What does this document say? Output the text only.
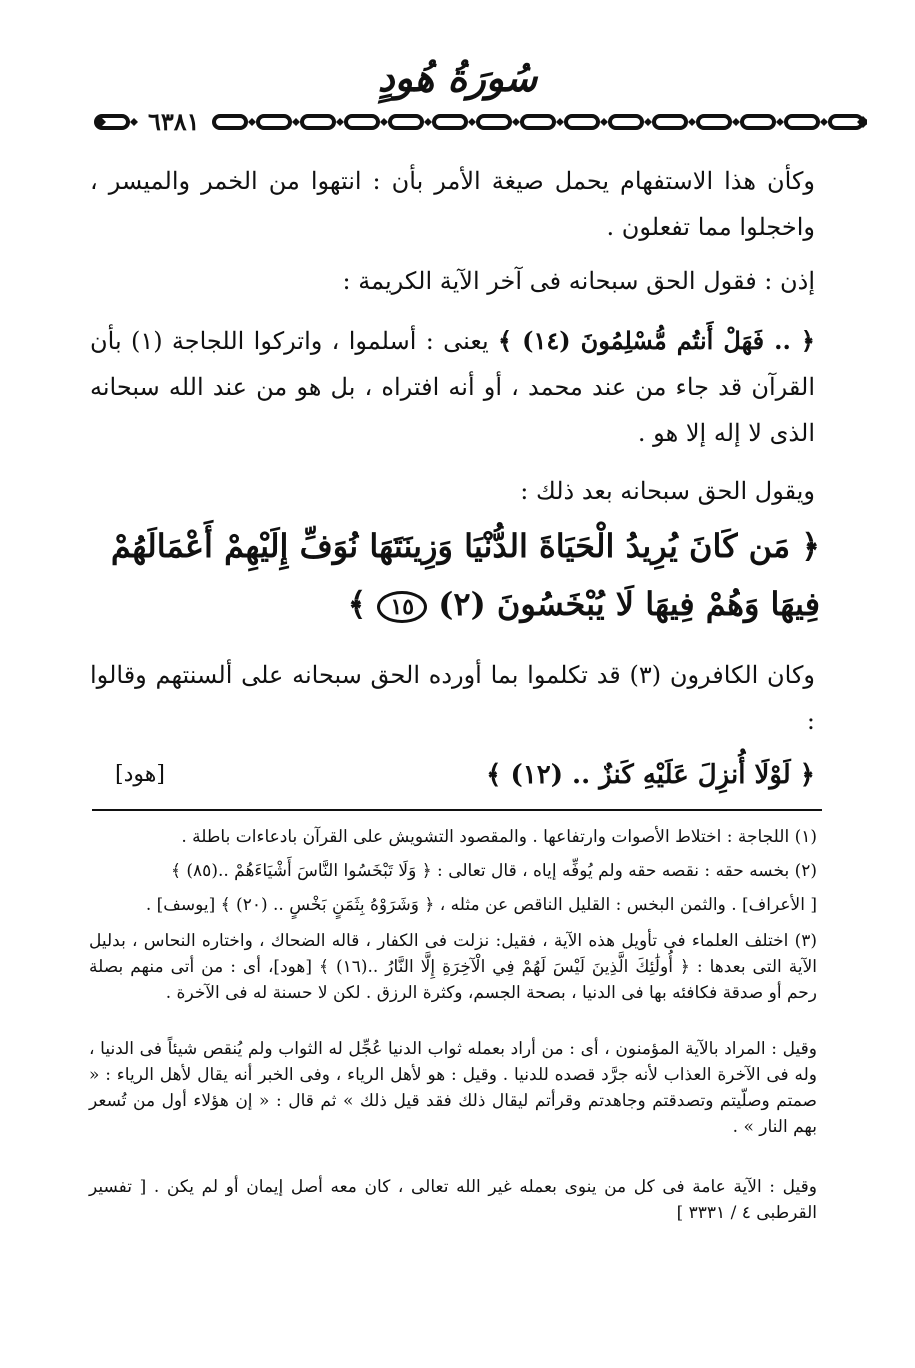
سُورَةُ هُودٍ
٦٣٨١
وكأن هذا الاستفهام يحمل صيغة الأمر بأن : انتهوا من الخمر والميسر ، واخجلوا مما تفعلون .
إذن : فقول الحق سبحانه فى آخر الآية الكريمة :
﴿ .. فَهَلْ أَنتُم مُّسْلِمُونَ (١٤) ﴾ يعنى : أسلموا ، واتركوا اللجاجة (١) بأن القرآن قد جاء من عند محمد ، أو أنه افتراه ، بل هو من عند الله سبحانه الذى لا إله إلا هو .
ويقول الحق سبحانه بعد ذلك :
﴿ مَن كَانَ يُرِيدُ الْحَيَاةَ الدُّنْيَا وَزِينَتَهَا نُوَفِّ إِلَيْهِمْ أَعْمَالَهُمْ
فِيهَا وَهُمْ فِيهَا لَا يُبْخَسُونَ (٢) ١٥ ﴾
وكان الكافرون (٣) قد تكلموا بما أورده الحق سبحانه على ألسنتهم وقالوا :
﴿ لَوْلَا أُنزِلَ عَلَيْهِ كَنزٌ .. (١٢) ﴾
[هود]
(١) اللجاجة : اختلاط الأصوات وارتفاعها . والمقصود التشويش على القرآن بادعاءات باطلة .
(٢) بخسه حقه : نقصه حقه ولم يُوفِّه إياه ، قال تعالى : ﴿ وَلَا تَبْخَسُوا النَّاسَ أَشْيَاءَهُمْ ..(٨٥) ﴾
[ الأعراف] . والثمن البخس : القليل الناقص عن مثله ، ﴿ وَشَرَوْهُ بِثَمَنٍ بَخْسٍ .. (٢٠) ﴾ [يوسف] .
(٣) اختلف العلماء فى تأويل هذه الآية ، فقيل: نزلت فى الكفار ، قاله الضحاك ، واختاره النحاس ، بدليل الآية التى بعدها : ﴿ أُولَٰئِكَ الَّذِينَ لَيْسَ لَهُمْ فِي الْآخِرَةِ إِلَّا النَّارُ ..(١٦) ﴾ [هود]، أى : من أتى منهم بصلة رحم أو صدقة فكافئه بها فى الدنيا ، بصحة الجسم، وكثرة الرزق . لكن لا حسنة له فى الآخرة .
وقيل : المراد بالآية المؤمنون ، أى : من أراد بعمله ثواب الدنيا عُجِّل له الثواب ولم يُنقص شيئاً فى الدنيا ، وله فى الآخرة العذاب لأنه جرَّد قصده للدنيا . وقيل : هو لأهل الرياء ، وفى الخبر أنه يقال لأهل الرياء : « صمتم وصلّيتم وتصدقتم وجاهدتم وقرأتم ليقال ذلك فقد قيل ذلك » ثم قال : « إن هؤلاء أول من تُسعر بهم النار » .
وقيل : الآية عامة فى كل من ينوى بعمله غير الله تعالى ، كان معه أصل إيمان أو لم يكن . [ تفسير القرطبى ٤ / ٣٣٣١ ]
